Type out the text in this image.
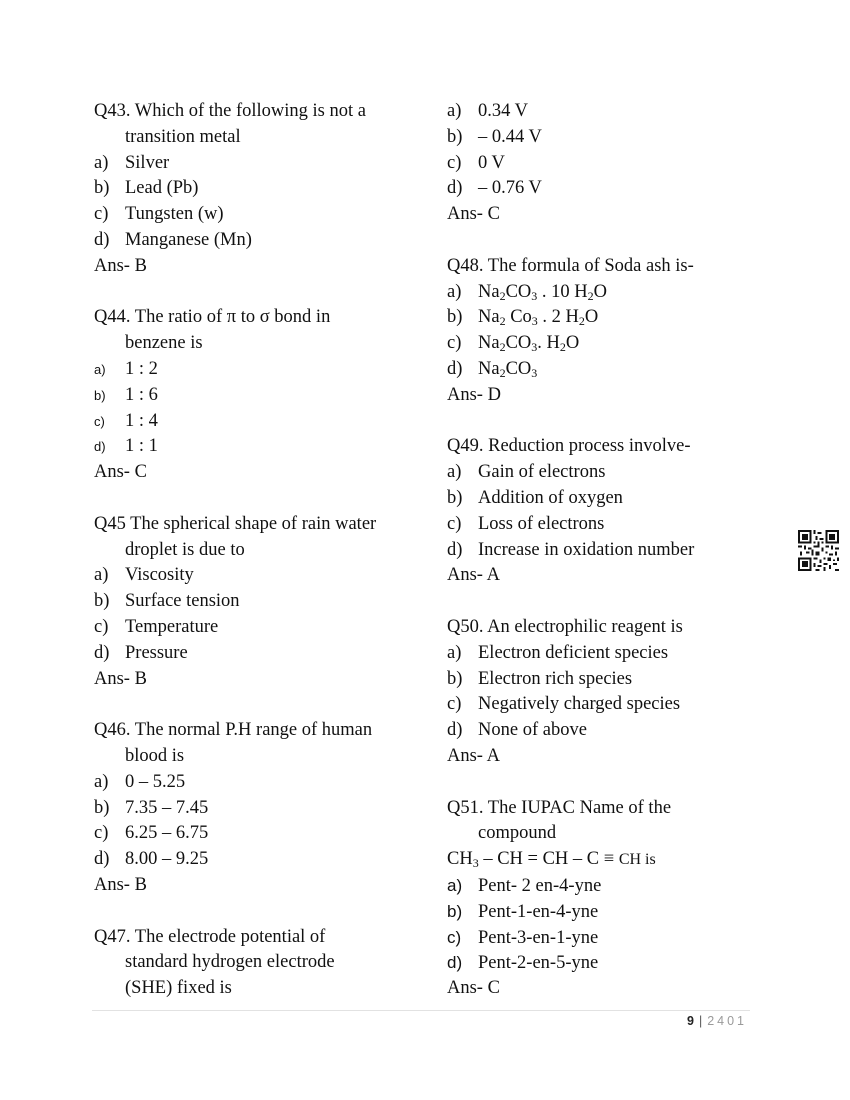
Q43. Which of the following is not a
transition metal
a) Silver
b) Lead (Pb)
c) Tungsten (w)
d) Manganese (Mn)
Ans- B
Q44. The ratio of π to σ bond in
benzene is
a) 1 : 2
b) 1 : 6
c) 1 : 4
d) 1 : 1
Ans- C
Q45 The spherical shape of rain water
droplet is due to
a) Viscosity
b) Surface tension
c) Temperature
d) Pressure
Ans- B
Q46. The normal P.H range of human
blood is
a) 0 – 5.25
b) 7.35 – 7.45
c) 6.25 – 6.75
d) 8.00 – 9.25
Ans- B
Q47. The electrode potential of
standard hydrogen electrode
(SHE) fixed is
a) 0.34 V
b) – 0.44 V
c) 0 V
d) – 0.76 V
Ans- C
Q48. The formula of Soda ash is-
a) $Na_2CO_3$ . 10 $H_2O$
b) $Na_2$ $Co_3$ . 2 $H_2O$
c) $Na_2CO_3$. $H_2O$
d) $Na_2CO_3$
Ans- D
Q49. Reduction process involve-
a) Gain of electrons
b) Addition of oxygen
c) Loss of electrons
d) Increase in oxidation number
Ans- A
Q50. An electrophilic reagent is
a) Electron deficient species
b) Electron rich species
c) Negatively charged species
d) None of above
Ans- A
Q51. The IUPAC Name of the
compound
$CH_3$ – CH = CH – C ≡ CH is
a) Pent- 2 en-4-yne
b) Pent-1-en-4-yne
c) Pent-3-en-1-yne
d) Pent-2-en-5-yne
Ans- C
9 | 2401
